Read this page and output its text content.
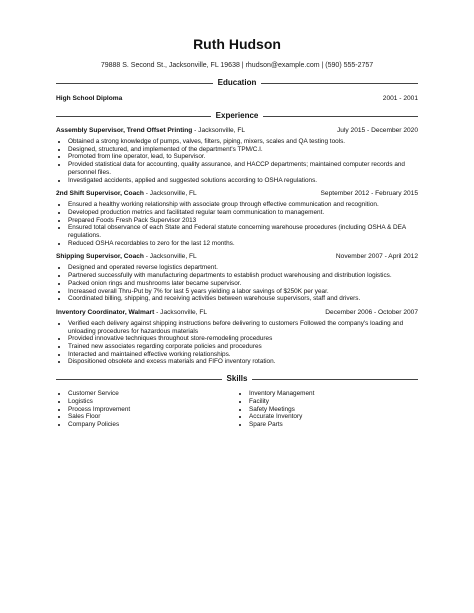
Ruth Hudson
79888 S. Second St., Jacksonville, FL 19638 | rhudson@example.com | (590) 555-2757
Education
High School Diploma	2001 - 2001
Experience
Assembly Supervisor, Trend Offset Printing - Jacksonville, FL	July 2015 - December 2020
• Obtained a strong knowledge of pumps, valves, filters, piping, mixers, scales and QA testing tools.
• Designed, structured, and implemented of the department's TPM/C.I.
• Promoted from line operator, lead, to Supervisor.
• Provided statistical data for accounting, quality assurance, and HACCP departments; maintained computer records and personnel files.
• Investigated accidents, applied and suggested solutions according to OSHA regulations.
2nd Shift Supervisor, Coach - Jacksonville, FL	September 2012 - February 2015
• Ensured a healthy working relationship with associate group through effective communication and recognition.
• Developed production metrics and facilitated regular team communication to management.
• Prepared Foods Fresh Pack Supervisor 2013
• Ensured total observance of each State and Federal statute concerning warehouse procedures (including OSHA & DEA regulations.
• Reduced OSHA recordables to zero for the last 12 months.
Shipping Supervisor, Coach - Jacksonville, FL	November 2007 - April 2012
• Designed and operated reverse logistics department.
• Partnered successfully with manufacturing departments to establish product warehousing and distribution logistics.
• Packed onion rings and mushrooms later became supervisor.
• Increased overall Thru-Put by 7% for last 5 years yielding a labor savings of $250K per year.
• Coordinated billing, shipping, and receiving activities between warehouse supervisors, staff and drivers.
Inventory Coordinator, Walmart - Jacksonville, FL	December 2006 - October 2007
• Verified each delivery against shipping instructions before delivering to customers Followed the company's loading and unloading procedures for hazardous materials
• Provided innovative techniques throughout store-remodeling procedures
• Trained new associates regarding corporate policies and procedures
• Interacted and maintained effective working relationships.
• Dispositioned obsolete and excess materials and FIFO inventory rotation.
Skills
• Customer Service
• Logistics
• Process Improvement
• Sales Floor
• Company Policies
• Inventory Management
• Facility
• Safety Meetings
• Accurate Inventory
• Spare Parts
